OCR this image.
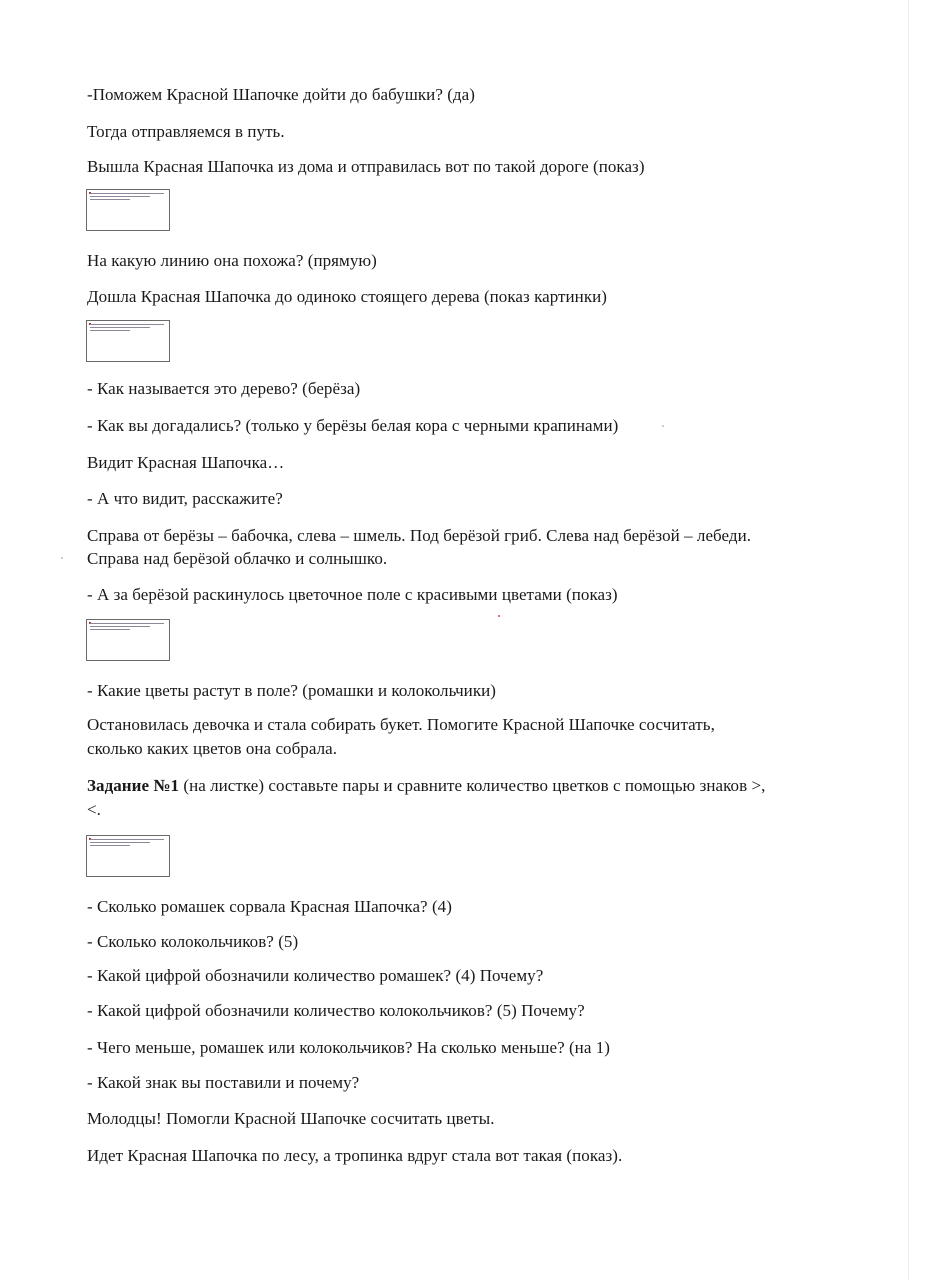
-Поможем Красной Шапочке дойти до бабушки? (да)
Тогда отправляемся в путь.
Вышла Красная Шапочка из дома и отправилась вот по такой дороге (показ)
На какую линию она похожа? (прямую)
Дошла Красная Шапочка до одиноко стоящего дерева (показ картинки)
- Как называется это дерево? (берёза)
- Как вы догадались? (только у берёзы белая кора с черными крапинами)
Видит Красная Шапочка…
- А что видит, расскажите?
Справа от берёзы – бабочка, слева – шмель. Под берёзой гриб. Слева над берёзой – лебеди.
Справа над берёзой облачко и солнышко.
- А за берёзой раскинулось цветочное поле с красивыми цветами (показ)
- Какие цветы растут в поле? (ромашки и колокольчики)
Остановилась девочка и стала собирать букет. Помогите Красной Шапочке сосчитать,
сколько каких цветов она собрала.
Задание №1 (на листке) составьте пары и сравните количество цветков с помощью знаков >,
<.
- Сколько ромашек сорвала Красная Шапочка? (4)
- Сколько колокольчиков? (5)
- Какой цифрой обозначили количество ромашек? (4) Почему?
- Какой цифрой обозначили количество колокольчиков? (5) Почему?
- Чего меньше, ромашек или колокольчиков? На сколько меньше? (на 1)
- Какой знак вы поставили и почему?
Молодцы! Помогли Красной Шапочке сосчитать цветы.
Идет Красная Шапочка по лесу, а тропинка вдруг стала вот такая (показ).
